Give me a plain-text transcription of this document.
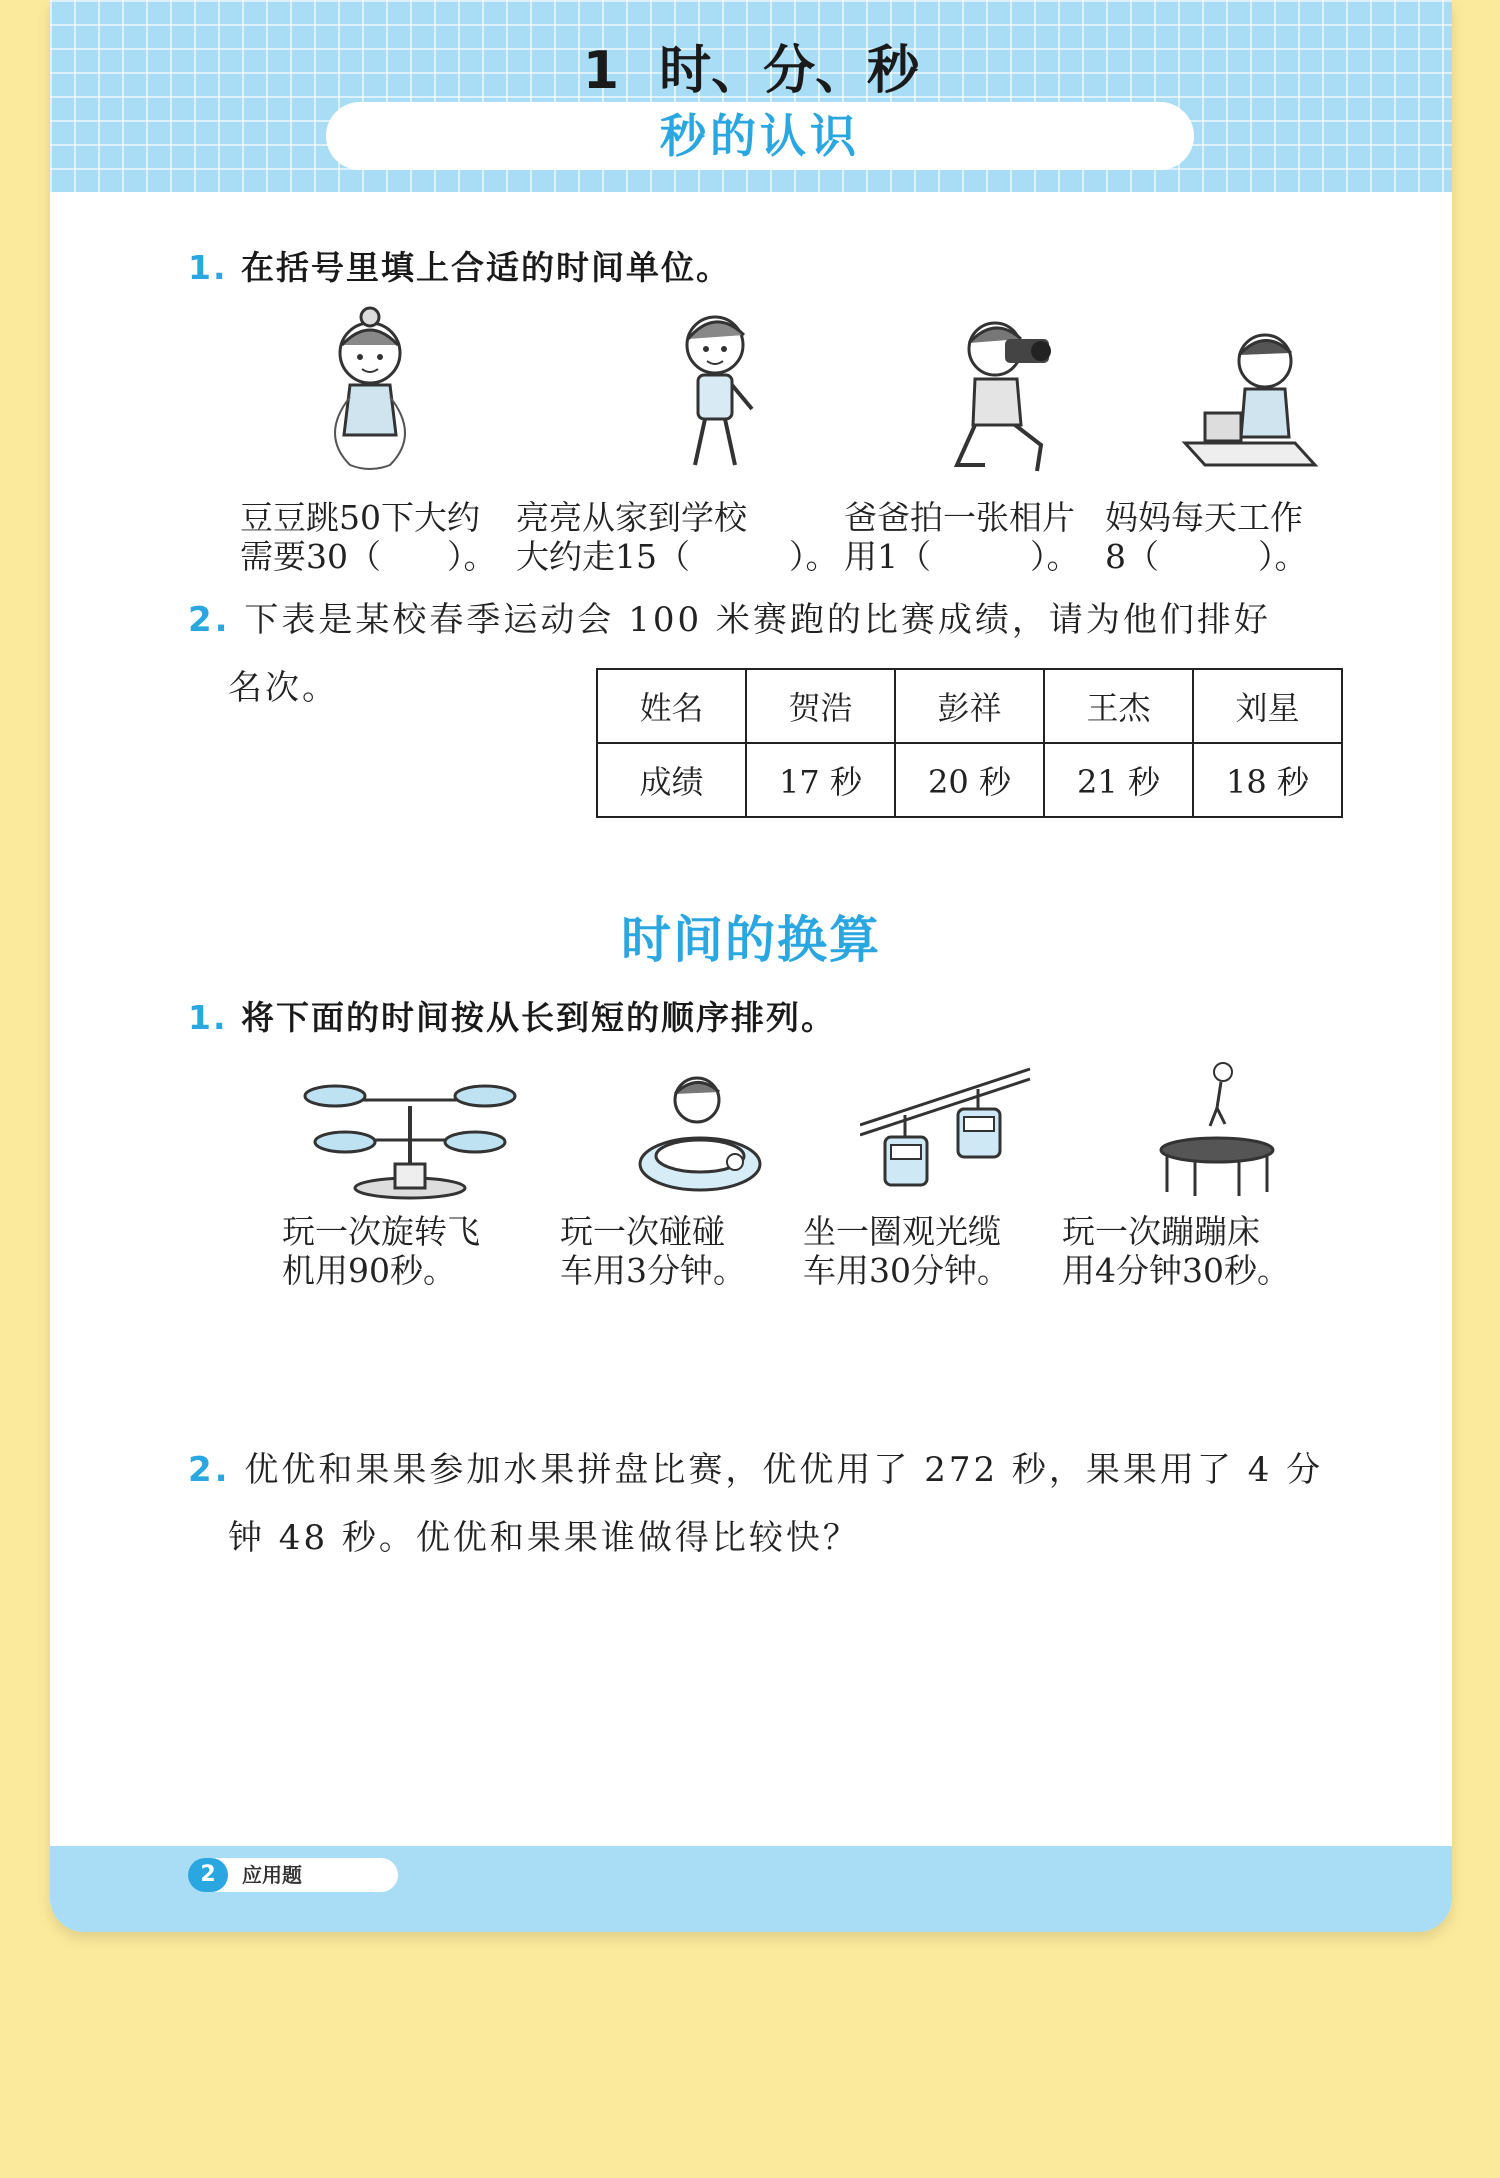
1 时、分、秒
秒的认识
1. 在括号里填上合适的时间单位。
豆豆跳50下大约
需要30（　　）。
亮亮从家到学校
大约走15（　　　）。
爸爸拍一张相片
用1（　　　）。
妈妈每天工作
8（　　　）。
2. 下表是某校春季运动会 100 米赛跑的比赛成绩，请为他们排好
名次。	姓名	贺浩	彭祥	王杰	刘星
成绩	17 秒	20 秒	21 秒	18 秒
时间的换算
1. 将下面的时间按从长到短的顺序排列。
玩一次旋转飞
机用90秒。
玩一次碰碰
车用3分钟。
坐一圈观光缆
车用30分钟。
玩一次蹦蹦床
用4分钟30秒。
2. 优优和果果参加水果拼盘比赛，优优用了 272 秒，果果用了 4 分
钟 48 秒。优优和果果谁做得比较快？
2	应用题
